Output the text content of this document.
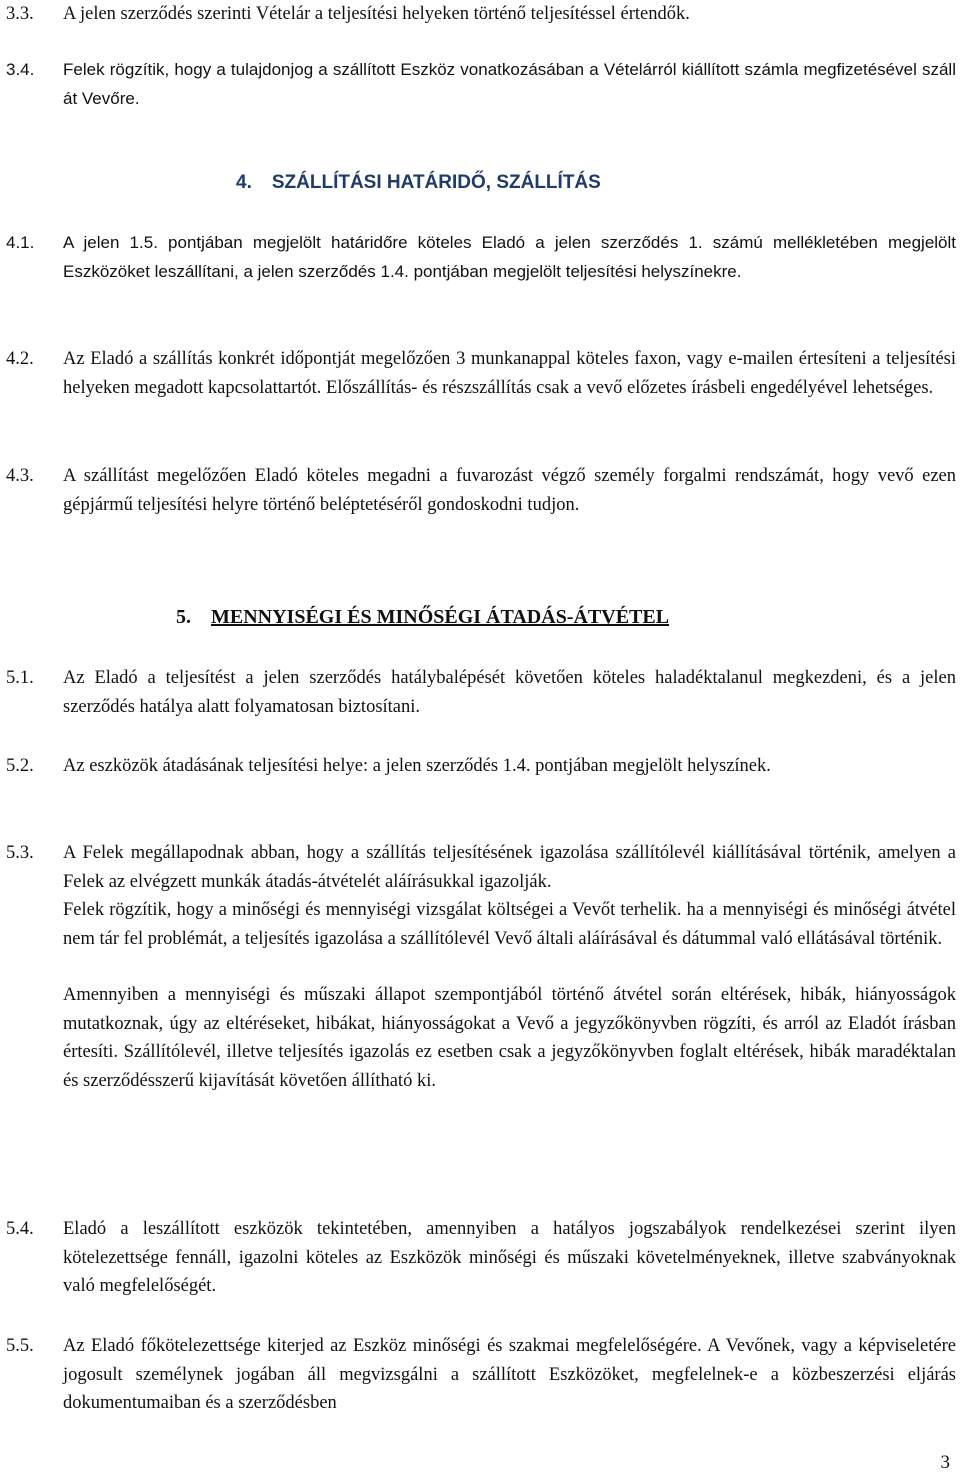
3.3. A jelen szerződés szerinti Vételár a teljesítési helyeken történő teljesítéssel értendők.
3.4. Felek rögzítik, hogy a tulajdonjog a szállított Eszköz vonatkozásában a Vételárról kiállított számla megfizetésével száll át Vevőre.
4. SZÁLLÍTÁSI HATÁRIDŐ, SZÁLLÍTÁS
4.1. A jelen 1.5. pontjában megjelölt határidőre köteles Eladó a jelen szerződés 1. számú mellékletében megjelölt Eszközöket leszállítani, a jelen szerződés 1.4. pontjában megjelölt teljesítési helyszínekre.
4.2. Az Eladó a szállítás konkrét időpontját megelőzően 3 munkanappal köteles faxon, vagy e-mailen értesíteni a teljesítési helyeken megadott kapcsolattartót. Előszállítás- és részszállítás csak a vevő előzetes írásbeli engedélyével lehetséges.
4.3. A szállítást megelőzően Eladó köteles megadni a fuvarozást végző személy forgalmi rendszámát, hogy vevő ezen gépjármű teljesítési helyre történő beléptetéséről gondoskodni tudjon.
5. MENNYISÉGI ÉS MINŐSÉGI ÁTADÁS-ÁTVÉTEL
5.1. Az Eladó a teljesítést a jelen szerződés hatálybalépését követően köteles haladéktalanul megkezdeni, és a jelen szerződés hatálya alatt folyamatosan biztosítani.
5.2. Az eszközök átadásának teljesítési helye: a jelen szerződés 1.4. pontjában megjelölt helyszínek.
5.3. A Felek megállapodnak abban, hogy a szállítás teljesítésének igazolása szállítólevél kiállításával történik, amelyen a Felek az elvégzett munkák átadás-átvételét aláírásukkal igazolják.
Felek rögzítik, hogy a minőségi és mennyiségi vizsgálat költségei a Vevőt terhelik. ha a mennyiségi és minőségi átvétel nem tár fel problémát, a teljesítés igazolása a szállítólevél Vevő általi aláírásával és dátummal való ellátásával történik.
Amennyiben a mennyiségi és műszaki állapot szempontjából történő átvétel során eltérések, hibák, hiányosságok mutatkoznak, úgy az eltéréseket, hibákat, hiányosságokat a Vevő a jegyzőkönyvben rögzíti, és arról az Eladót írásban értesíti. Szállítólevél, illetve teljesítés igazolás ez esetben csak a jegyzőkönyvben foglalt eltérések, hibák maradéktalan és szerződésszerű kijavítását követően állítható ki.
5.4. Eladó a leszállított eszközök tekintetében, amennyiben a hatályos jogszabályok rendelkezései szerint ilyen kötelezettsége fennáll, igazolni köteles az Eszközök minőségi és műszaki követelményeknek, illetve szabványoknak való megfelelőségét.
5.5. Az Eladó főkötelezettsége kiterjed az Eszköz minőségi és szakmai megfelelőségére. A Vevőnek, vagy a képviseletére jogosult személynek jogában áll megvizsgálni a szállított Eszközöket, megfelelnek-e a közbeszerzési eljárás dokumentumaiban és a szerződésben
3
